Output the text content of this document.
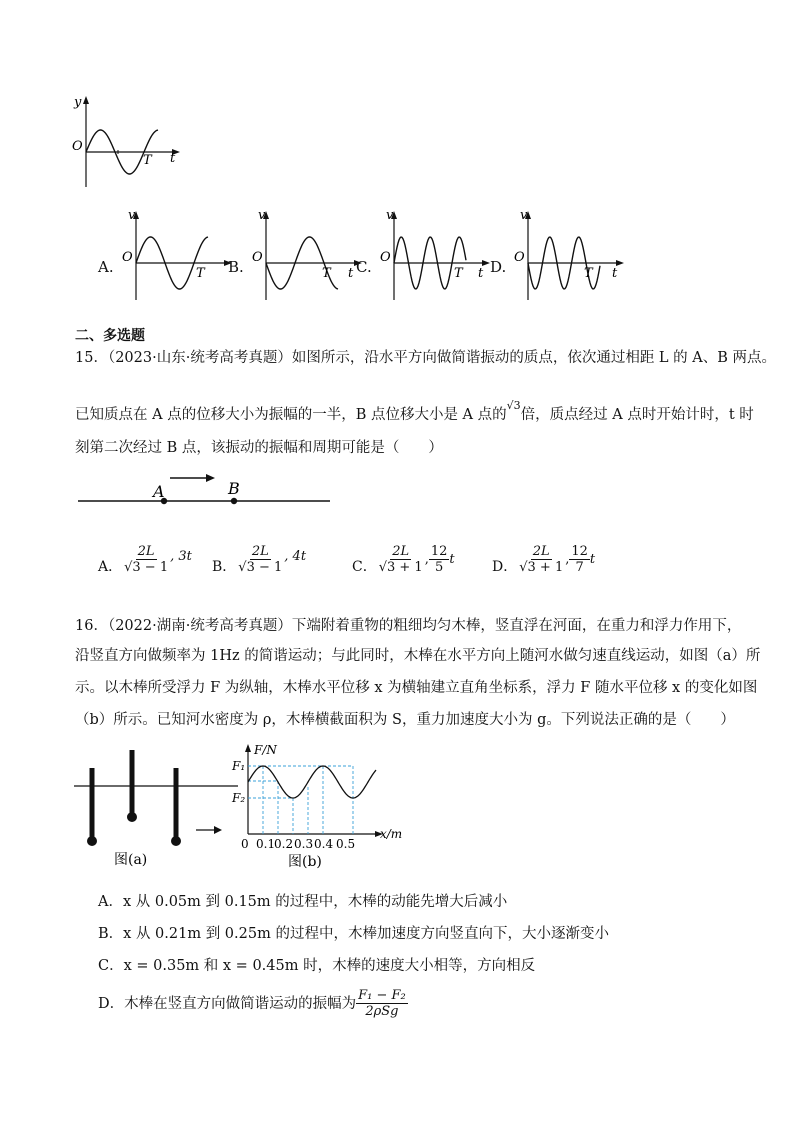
y
O
t
T
A.
v
O
T B.
v
O
T t C.
v
O
T t D.
v
O
T t
二、多选题
15．（2023·山东·统考高考真题）如图所示，沿水平方向做简谐振动的质点，依次通过相距 L 的 A、B 两点。
已知质点在 A 点的位移大小为振幅的一半，B 点位移大小是 A 点的$^{√3}$倍，质点经过 A 点时开始计时，t 时
刻第二次经过 B 点，该振动的振幅和周期可能是（　　）
A	B
A． $\frac{2L}{√3 - 1}$ , 3t
B． $\frac{2L}{√3 - 1}$ , 4t
C． $\frac{2L}{√3 + 1}$ , $\frac{12}{5}$ t	D． $\frac{2L}{√3 + 1}$ , $\frac{12}{7}$ t
16．（2022·湖南·统考高考真题）下端附着重物的粗细均匀木棒，竖直浮在河面，在重力和浮力作用下，
沿竖直方向做频率为 1Hz 的简谐运动；与此同时，木棒在水平方向上随河水做匀速直线运动，如图（a）所
示。以木棒所受浮力 F 为纵轴，木棒水平位移 x 为横轴建立直角坐标系，浮力 F 随水平位移 x 的变化如图
（b）所示。已知河水密度为 ρ，木棒横截面积为 S，重力加速度大小为 g。下列说法正确的是（　　）
图(a)
F/N
F₁
F₂
x/m
0 0.1
0.2 0.3 0.4 0.5
图(b)
A．x 从 0.05m 到 0.15m 的过程中，木棒的动能先增大后减小
B．x 从 0.21m 到 0.25m 的过程中，木棒加速度方向竖直向下，大小逐渐变小
C．x = 0.35m 和 x = 0.45m 时，木棒的速度大小相等，方向相反
D．木棒在竖直方向做简谐运动的振幅为 $\frac{\text{F₁ − F₂}}{\text{2ρSg}}$
